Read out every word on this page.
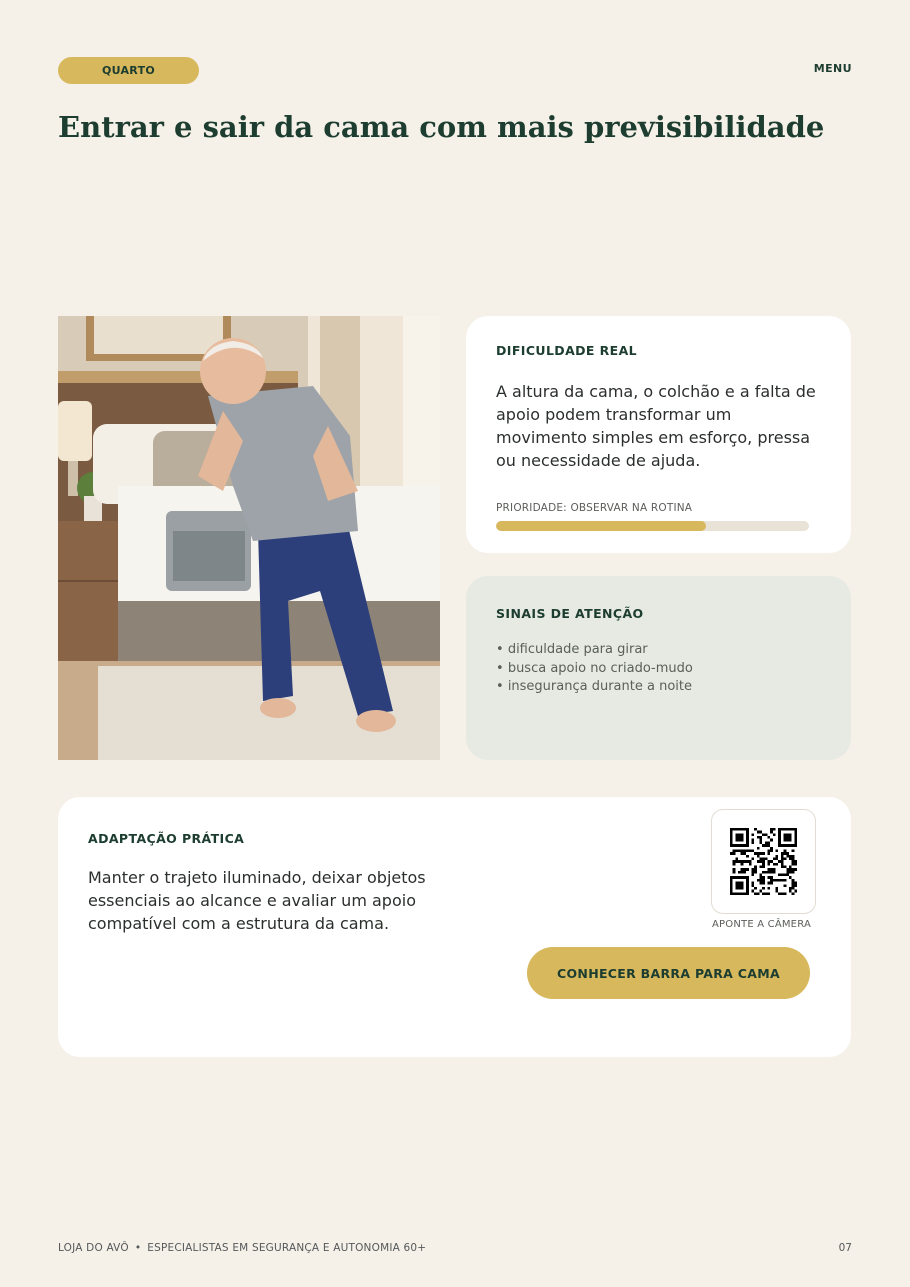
QUARTO	MENU
Entrar e sair da cama com mais previsibilidade
DIFICULDADE REAL

A altura da cama, o colchão e a falta de apoio podem transformar um movimento simples em esforço, pressa ou necessidade de ajuda.

PRIORIDADE: OBSERVAR NA ROTINA
SINAIS DE ATENÇÃO
• dificuldade para girar
• busca apoio no criado-mudo
• insegurança durante a noite
ADAPTAÇÃO PRÁTICA

Manter o trajeto iluminado, deixar objetos essenciais ao alcance e avaliar um apoio compatível com a estrutura da cama.	APONTE A CÂMERA
CONHECER BARRA PARA CAMA
LOJA DO AVÔ • ESPECIALISTAS EM SEGURANÇA E AUTONOMIA 60+	07
